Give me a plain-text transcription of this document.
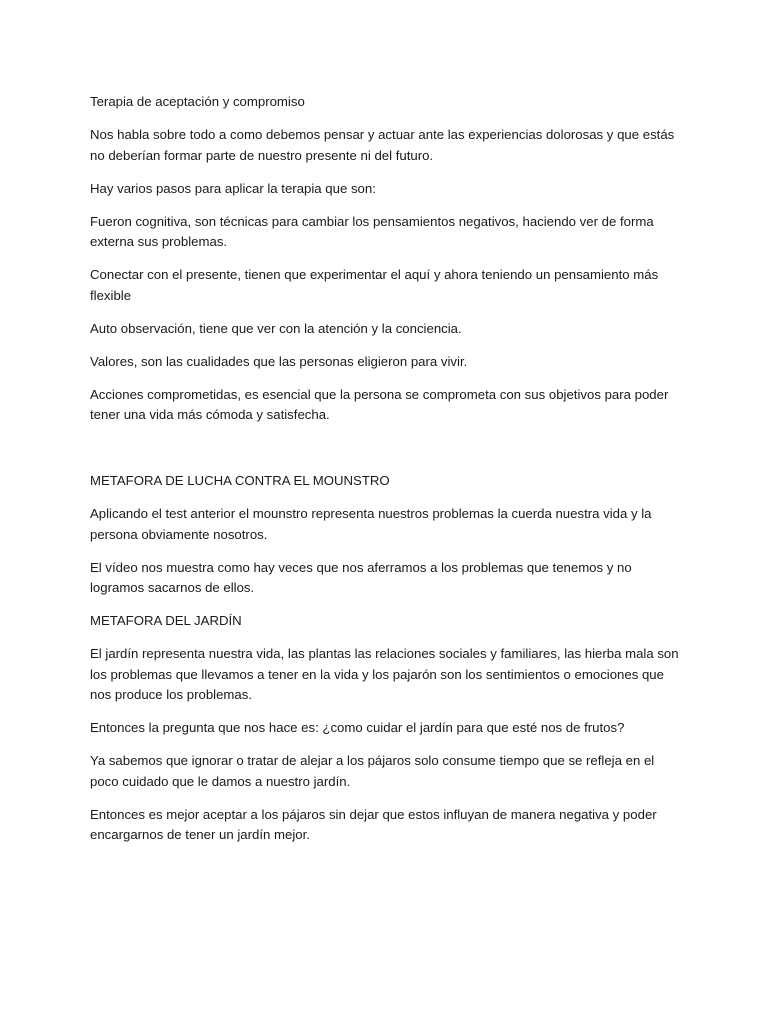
Terapia de aceptación y compromiso

Nos habla sobre todo a como debemos pensar y actuar ante las experiencias dolorosas y que estás no deberían formar parte de nuestro presente ni del futuro.

Hay varios pasos para aplicar la terapia que son:

Fueron cognitiva, son técnicas para cambiar los pensamientos negativos, haciendo ver de forma externa sus problemas.

Conectar con el presente, tienen que experimentar el aquí y ahora teniendo un pensamiento más flexible

Auto observación, tiene que ver con la atención y la conciencia.

Valores, son las cualidades que las personas eligieron para vivir.

Acciones comprometidas, es esencial que la persona se comprometa con sus objetivos para poder tener una vida más cómoda y satisfecha.

METAFORA DE LUCHA CONTRA EL MOUNSTRO

Aplicando el test anterior el mounstro representa nuestros problemas la cuerda nuestra vida y la persona obviamente nosotros.

El vídeo nos muestra como hay veces que nos aferramos a los problemas que tenemos y no logramos sacarnos de ellos.

METAFORA DEL JARDÍN

El jardín representa nuestra vida, las plantas las relaciones sociales y familiares, las hierba mala son los problemas que llevamos a tener en la vida y los pajarón son los sentimientos o emociones que nos produce los problemas.

Entonces la pregunta que nos hace es: ¿como cuidar el jardín para que esté nos de frutos?

Ya sabemos que ignorar o tratar de alejar a los pájaros solo consume tiempo que se refleja en el poco cuidado que le damos a nuestro jardín.

Entonces es mejor aceptar a los pájaros sin dejar que estos influyan de manera negativa y poder encargarnos de tener un jardín mejor.
